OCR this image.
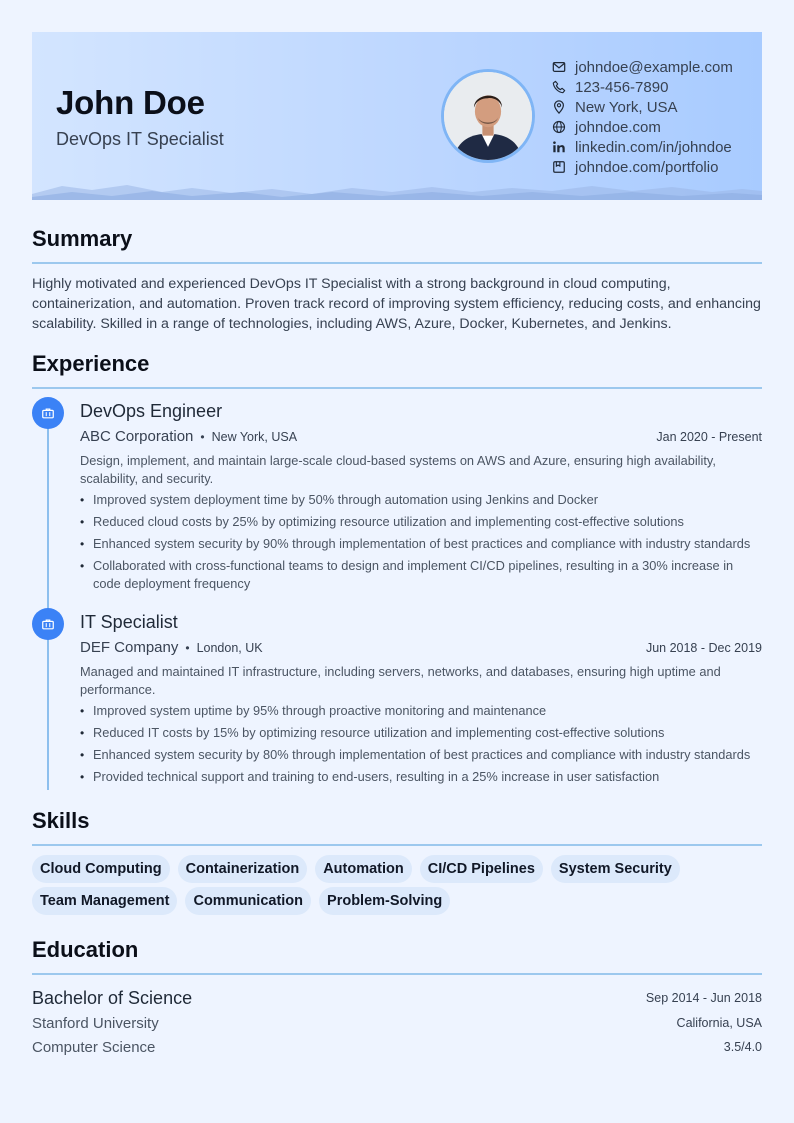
John Doe
DevOps IT Specialist
johndoe@example.com
123-456-7890
New York, USA
johndoe.com
linkedin.com/in/johndoe
johndoe.com/portfolio
Summary
Highly motivated and experienced DevOps IT Specialist with a strong background in cloud computing, containerization, and automation. Proven track record of improving system efficiency, reducing costs, and enhancing scalability. Skilled in a range of technologies, including AWS, Azure, Docker, Kubernetes, and Jenkins.
Experience
DevOps Engineer
ABC Corporation • New York, USA	Jan 2020 - Present
Design, implement, and maintain large-scale cloud-based systems on AWS and Azure, ensuring high availability, scalability, and security.
• Improved system deployment time by 50% through automation using Jenkins and Docker
• Reduced cloud costs by 25% by optimizing resource utilization and implementing cost-effective solutions
• Enhanced system security by 90% through implementation of best practices and compliance with industry standards
• Collaborated with cross-functional teams to design and implement CI/CD pipelines, resulting in a 30% increase in code deployment frequency
IT Specialist
DEF Company • London, UK	Jun 2018 - Dec 2019
Managed and maintained IT infrastructure, including servers, networks, and databases, ensuring high uptime and performance.
• Improved system uptime by 95% through proactive monitoring and maintenance
• Reduced IT costs by 15% by optimizing resource utilization and implementing cost-effective solutions
• Enhanced system security by 80% through implementation of best practices and compliance with industry standards
• Provided technical support and training to end-users, resulting in a 25% increase in user satisfaction
Skills
Cloud Computing	Containerization	Automation	CI/CD Pipelines	System Security
Team Management	Communication	Problem-Solving
Education
Bachelor of Science	Sep 2014 - Jun 2018
Stanford University	California, USA
Computer Science	3.5/4.0
